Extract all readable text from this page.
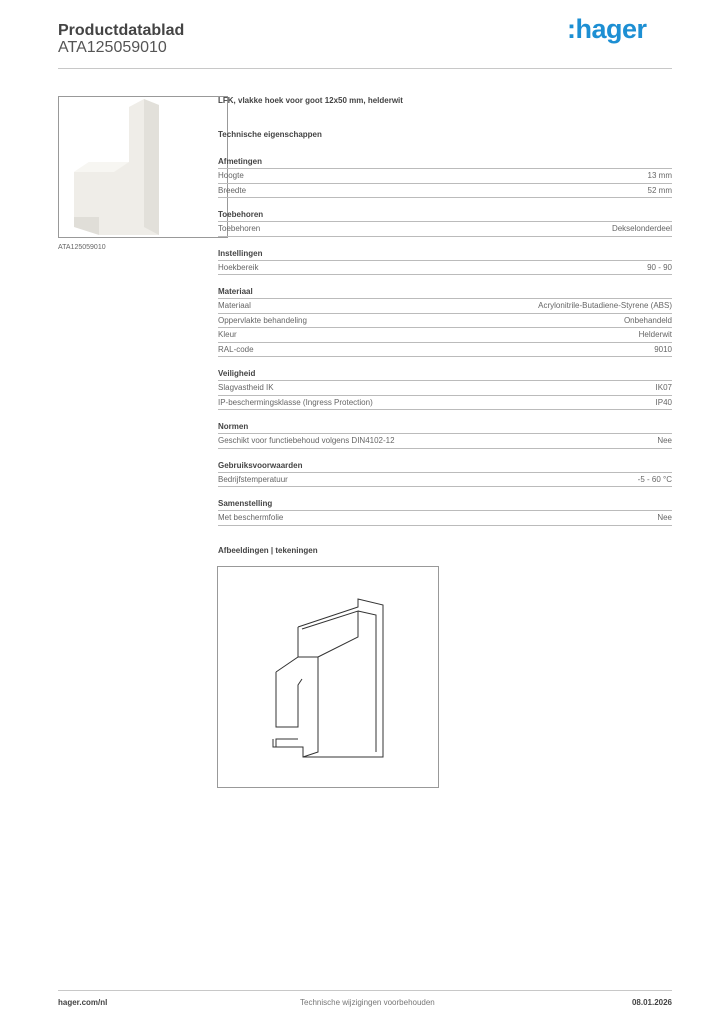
Productdatablad
ATA125059010
:hager
ATA125059010
LFK, vlakke hoek voor goot 12x50 mm, helderwit
Technische eigenschappen
Afmetingen
Hoogte	13 mm
Breedte	52 mm
Toebehoren
Toebehoren	Dekselonderdeel
Instellingen
Hoekbereik	90 - 90
Materiaal
Materiaal	Acrylonitrile-Butadiene-Styrene (ABS)
Oppervlakte behandeling	Onbehandeld
Kleur	Helderwit
RAL-code	9010
Veiligheid
Slagvastheid IK	IK07
IP-beschermingsklasse (Ingress Protection)	IP40
Normen
Geschikt voor functiebehoud volgens DIN4102-12	Nee
Gebruiksvoorwaarden
Bedrijfstemperatuur	-5 - 60 °C
Samenstelling
Met beschermfolie	Nee
Afbeeldingen | tekeningen
hager.com/nl	Technische wijzigingen voorbehouden	08.01.2026
